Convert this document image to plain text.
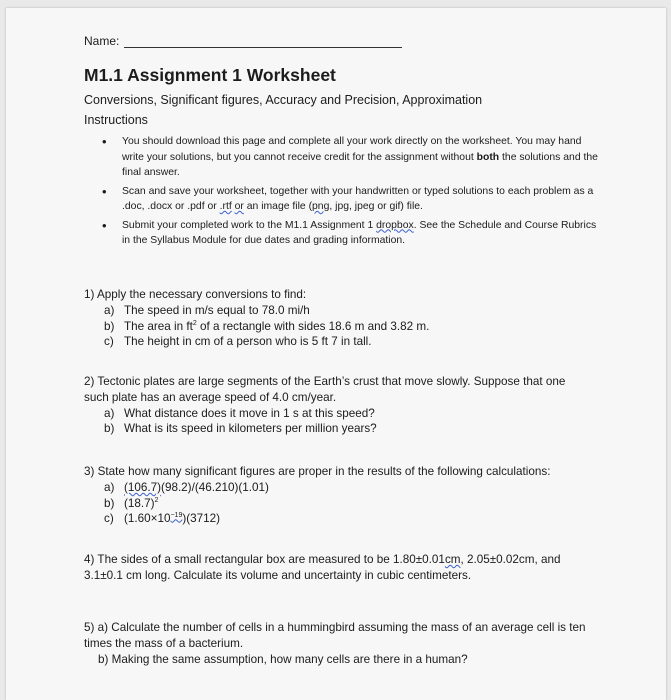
Name:
M1.1 Assignment 1 Worksheet
Conversions, Significant figures, Accuracy and Precision, Approximation
Instructions
• You should download this page and complete all your work directly on the worksheet. You may hand write your solutions, but you cannot receive credit for the assignment without both the solutions and the final answer.
• Scan and save your worksheet, together with your handwritten or typed solutions to each problem as a .doc, .docx or .pdf or .rtf or an image file (png, jpg, jpeg or gif) file.
• Submit your completed work to the M1.1 Assignment 1 dropbox. See the Schedule and Course Rubrics in the Syllabus Module for due dates and grading information.
1) Apply the necessary conversions to find:
a) The speed in m/s equal to 78.0 mi/h
b) The area in $ft^2$ of a rectangle with sides 18.6 m and 3.82 m.
c) The height in cm of a person who is 5 ft 7 in tall.
2) Tectonic plates are large segments of the Earth’s crust that move slowly. Suppose that one
such plate has an average speed of 4.0 cm/year.
a) What distance does it move in 1 s at this speed?
b) What is its speed in kilometers per million years?
3) State how many significant figures are proper in the results of the following calculations:
a) (106.7)(98.2)/(46.210)(1.01)
b) $(18.7)^2$
c) $(1.60\times 10^{-19})(3712)$
4) The sides of a small rectangular box are measured to be 1.80±0.01cm, 2.05±0.02cm, and
3.1±0.1 cm long. Calculate its volume and uncertainty in cubic centimeters.
5) a) Calculate the number of cells in a hummingbird assuming the mass of an average cell is ten
times the mass of a bacterium.
b) Making the same assumption, how many cells are there in a human?
